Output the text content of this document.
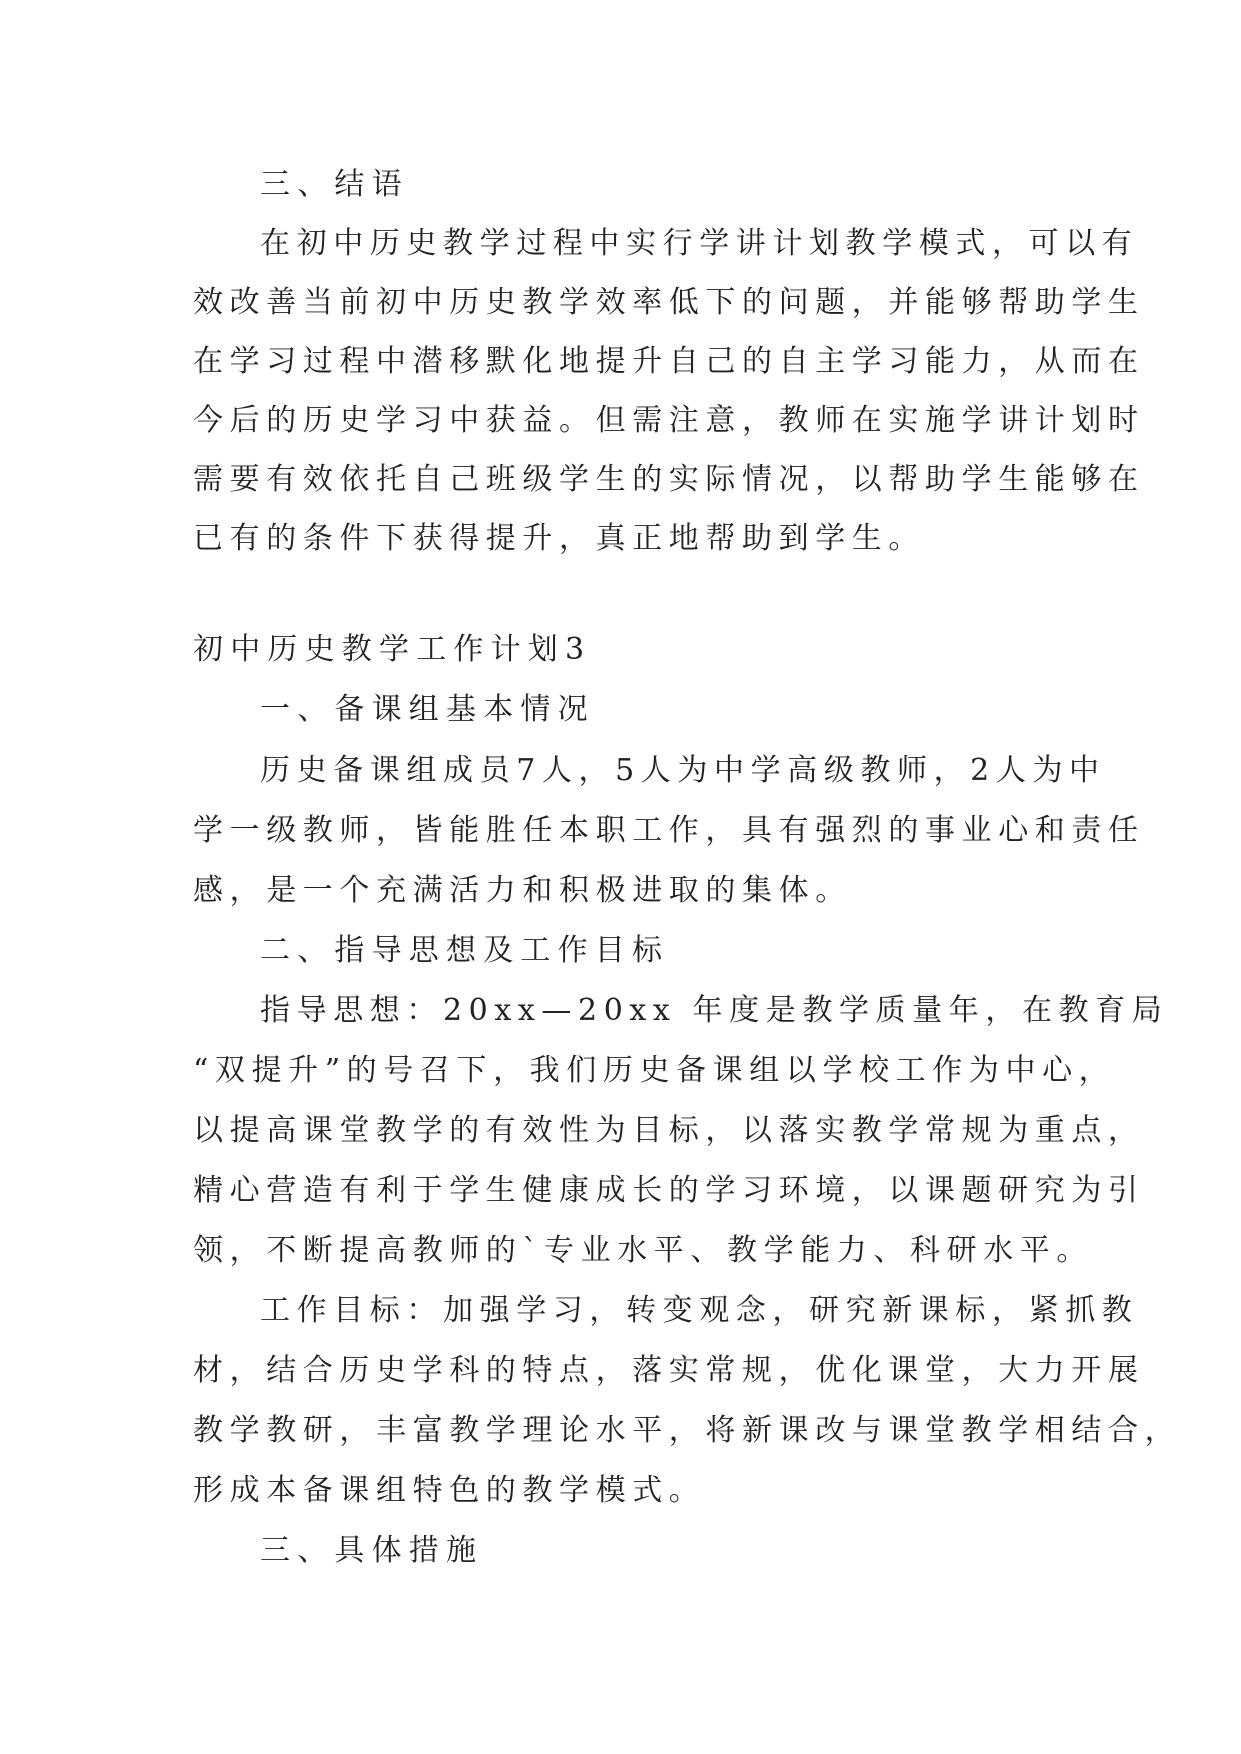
三、结语
在初中历史教学过程中实行学讲计划教学模式，可以有
效改善当前初中历史教学效率低下的问题，并能够帮助学生
在学习过程中潜移默化地提升自己的自主学习能力，从而在
今后的历史学习中获益。但需注意，教师在实施学讲计划时
需要有效依托自己班级学生的实际情况，以帮助学生能够在
已有的条件下获得提升，真正地帮助到学生。
初中历史教学工作计划3
一、备课组基本情况
历史备课组成员7人，5人为中学高级教师，2人为中
学一级教师，皆能胜任本职工作，具有强烈的事业心和责任
感，是一个充满活力和积极进取的集体。
二、指导思想及工作目标
指导思想：20xx—20xx 年度是教学质量年，在教育局
“双提升”的号召下，我们历史备课组以学校工作为中心，
以提高课堂教学的有效性为目标，以落实教学常规为重点，
精心营造有利于学生健康成长的学习环境，以课题研究为引
领，不断提高教师的`专业水平、教学能力、科研水平。
工作目标：加强学习，转变观念，研究新课标，紧抓教
材，结合历史学科的特点，落实常规，优化课堂，大力开展
教学教研，丰富教学理论水平，将新课改与课堂教学相结合，
形成本备课组特色的教学模式。
三、具体措施
